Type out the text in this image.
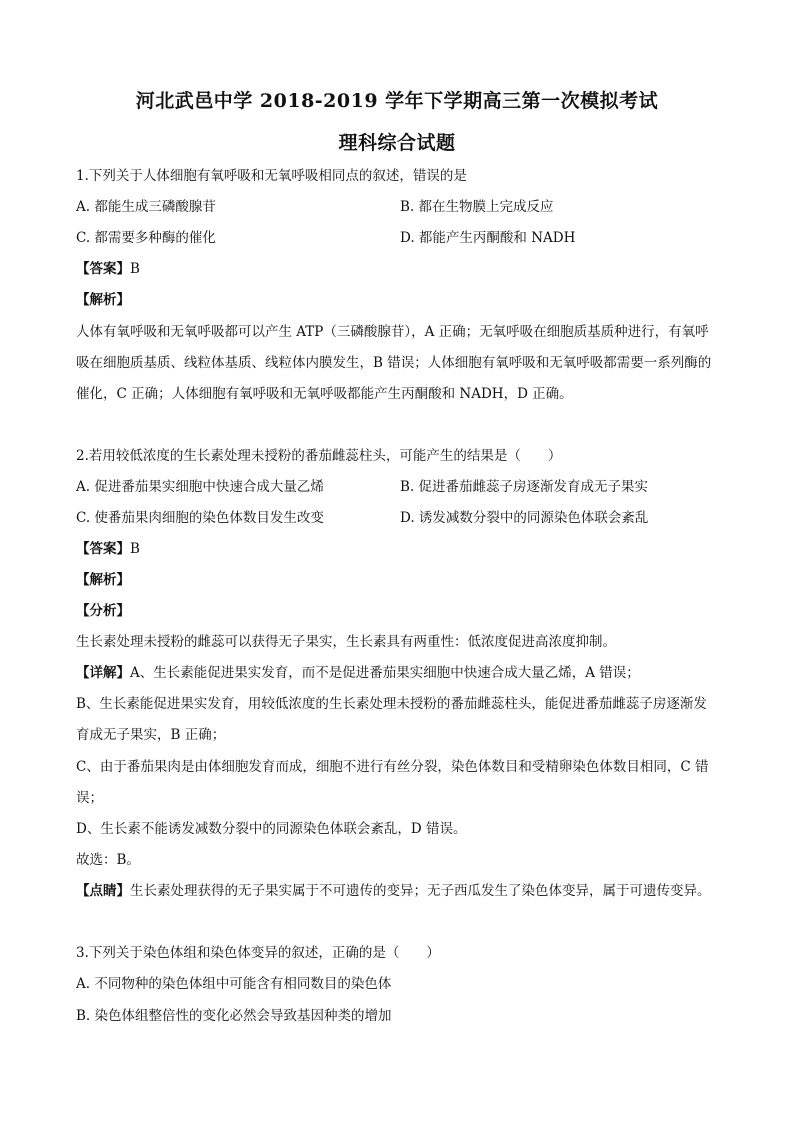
河北武邑中学 2018-2019 学年下学期高三第一次模拟考试
理科综合试题
1.下列关于人体细胞有氧呼吸和无氧呼吸相同点的叙述，错误的是
A. 都能生成三磷酸腺苷	B. 都在生物膜上完成反应
C. 都需要多种酶的催化	D. 都能产生丙酮酸和 NADH
【答案】B
【解析】
人体有氧呼吸和无氧呼吸都可以产生 ATP（三磷酸腺苷），A 正确；无氧呼吸在细胞质基质种进行，有氧呼
吸在细胞质基质、线粒体基质、线粒体内膜发生，B 错误；人体细胞有氧呼吸和无氧呼吸都需要一系列酶的
催化，C 正确；人体细胞有氧呼吸和无氧呼吸都能产生丙酮酸和 NADH，D 正确。
2.若用较低浓度的生长素处理未授粉的番茄雌蕊柱头，可能产生的结果是（　　）
A. 促进番茄果实细胞中快速合成大量乙烯	B. 促进番茄雌蕊子房逐渐发育成无子果实
C. 使番茄果肉细胞的染色体数目发生改变	D. 诱发减数分裂中的同源染色体联会紊乱
【答案】B
【解析】
【分析】
生长素处理未授粉的雌蕊可以获得无子果实，生长素具有两重性：低浓度促进高浓度抑制。
【详解】A、生长素能促进果实发育，而不是促进番茄果实细胞中快速合成大量乙烯，A 错误；
B、生长素能促进果实发育，用较低浓度的生长素处理未授粉的番茄雌蕊柱头，能促进番茄雌蕊子房逐渐发
育成无子果实，B 正确；
C、由于番茄果肉是由体细胞发育而成，细胞不进行有丝分裂，染色体数目和受精卵染色体数目相同，C 错
误；
D、生长素不能诱发减数分裂中的同源染色体联会紊乱，D 错误。
故选：B。
【点睛】生长素处理获得的无子果实属于不可遗传的变异；无子西瓜发生了染色体变异，属于可遗传变异。
3.下列关于染色体组和染色体变异的叙述，正确的是（　　）
A. 不同物种的染色体组中可能含有相同数目的染色体
B. 染色体组整倍性的变化必然会导致基因种类的增加
